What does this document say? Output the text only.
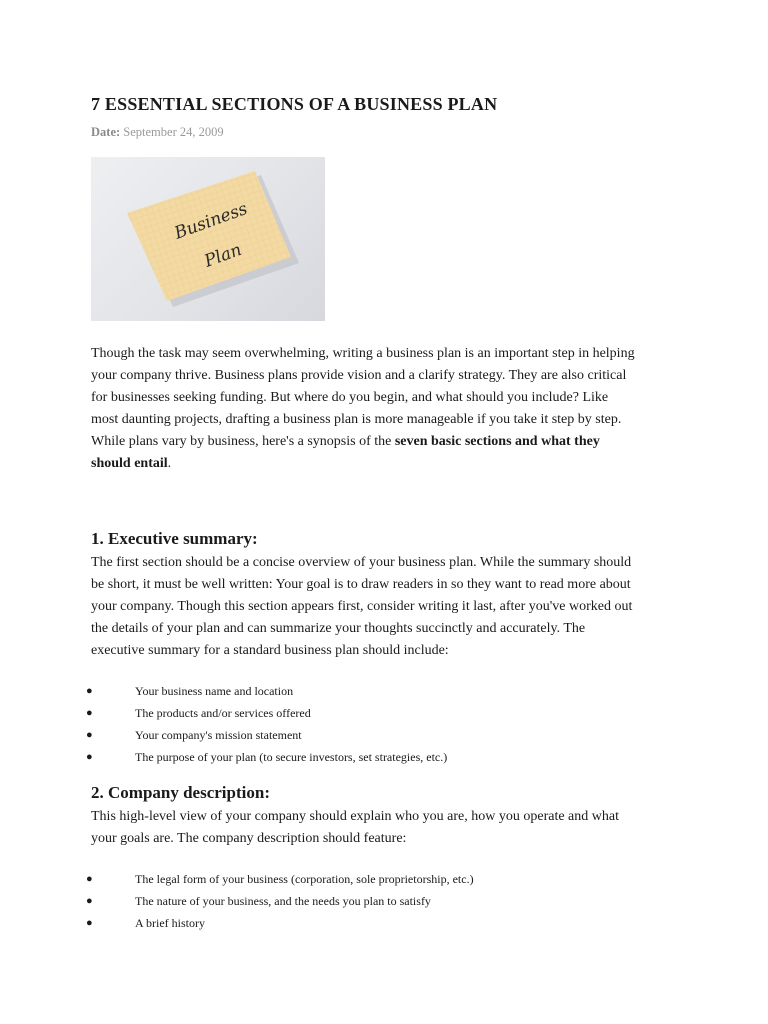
7 ESSENTIAL SECTIONS OF A BUSINESS PLAN
Date: September 24, 2009
Business
Plan
Though the task may seem overwhelming, writing a business plan is an important step in helping
your company thrive. Business plans provide vision and a clarify strategy. They are also critical
for businesses seeking funding. But where do you begin, and what should you include? Like
most daunting projects, drafting a business plan is more manageable if you take it step by step.
While plans vary by business, here's a synopsis of the seven basic sections and what they
should entail.
1. Executive summary:
The first section should be a concise overview of your business plan. While the summary should
be short, it must be well written: Your goal is to draw readers in so they want to read more about
your company. Though this section appears first, consider writing it last, after you've worked out
the details of your plan and can summarize your thoughts succinctly and accurately. The
executive summary for a standard business plan should include:
●	Your business name and location
●	The products and/or services offered
●	Your company's mission statement
●	The purpose of your plan (to secure investors, set strategies, etc.)
2. Company description:
This high-level view of your company should explain who you are, how you operate and what
your goals are. The company description should feature:
●	The legal form of your business (corporation, sole proprietorship, etc.)
●	The nature of your business, and the needs you plan to satisfy
●	A brief history
